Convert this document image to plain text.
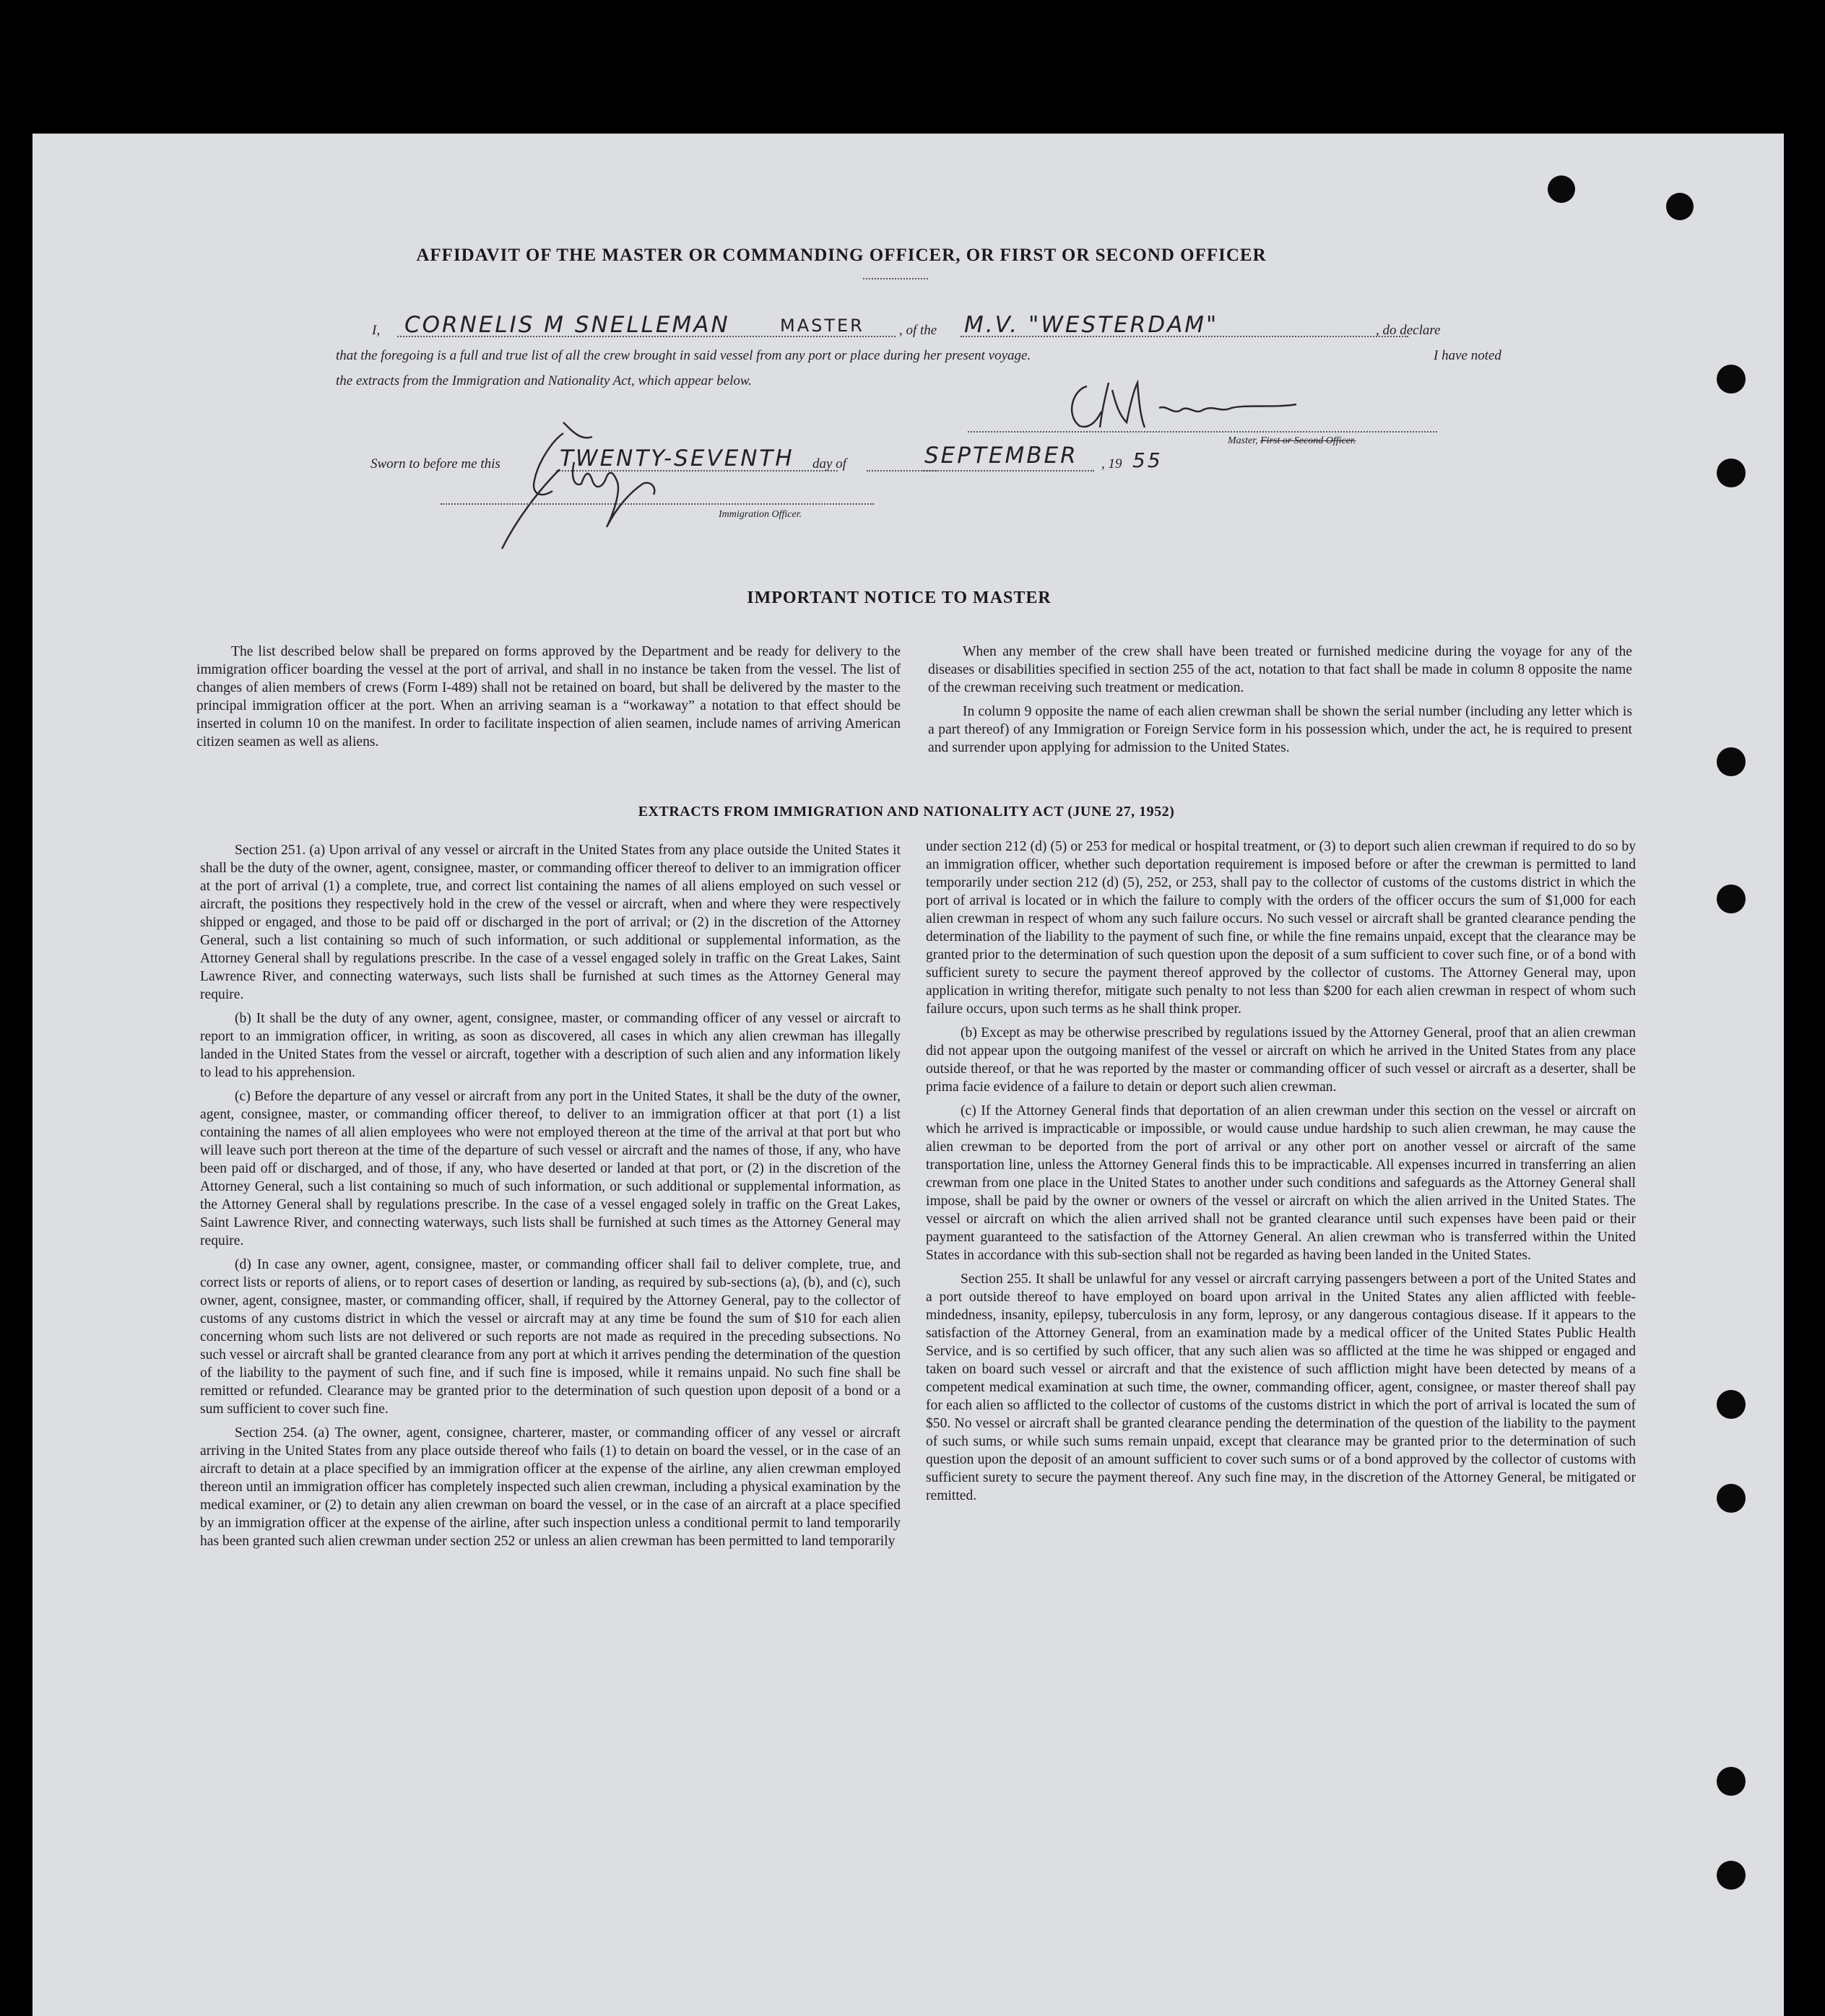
AFFIDAVIT OF THE MASTER OR COMMANDING OFFICER, OR FIRST OR SECOND OFFICER
I, CORNELIS M SNELLEMAN	MASTER	, of the M.V. "WESTERDAM"	, do declare
that the foregoing is a full and true list of all the crew brought in said vessel from any port or place during her present voyage.	I have noted
the extracts from the Immigration and Nationality Act, which appear below.
Master, First or Second Officer.
Sworn to before me this	TWENTY-SEVENTH day of	SEPTEMBER , 19 55
Immigration Officer.
IMPORTANT NOTICE TO MASTER

The list described below shall be prepared on forms approved by the Department and be ready for delivery to the immigration officer boarding the vessel at the port of arrival, and shall in no instance be taken from the vessel. The list of changes of alien members of crews (Form I-489) shall not be retained on board, but shall be delivered by the master to the principal immigration officer at the port. When an arriving seaman is a “workaway” a notation to that effect should be inserted in column 10 on the manifest. In order to facilitate inspection of alien seamen, include names of arriving American citizen seamen as well as aliens.

When any member of the crew shall have been treated or furnished medicine during the voyage for any of the diseases or disabilities specified in section 255 of the act, notation to that fact shall be made in column 8 opposite the name of the crewman receiving such treatment or medication.

In column 9 opposite the name of each alien crewman shall be shown the serial number (including any letter which is a part thereof) of any Immigration or Foreign Service form in his possession which, under the act, he is required to present and surrender upon applying for admission to the United States.

EXTRACTS FROM IMMIGRATION AND NATIONALITY ACT (JUNE 27, 1952)

Section 251. (a) Upon arrival of any vessel or aircraft in the United States from any place outside the United States it shall be the duty of the owner, agent, consignee, master, or commanding officer thereof to deliver to an immigration officer at the port of arrival (1) a complete, true, and correct list containing the names of all aliens employed on such vessel or aircraft, the positions they respectively hold in the crew of the vessel or aircraft, when and where they were respectively shipped or engaged, and those to be paid off or discharged in the port of arrival; or (2) in the discretion of the Attorney General, such a list containing so much of such information, or such additional or supplemental information, as the Attorney General shall by regulations prescribe. In the case of a vessel engaged solely in traffic on the Great Lakes, Saint Lawrence River, and connecting waterways, such lists shall be furnished at such times as the Attorney General may require.

(b) It shall be the duty of any owner, agent, consignee, master, or commanding officer of any vessel or aircraft to report to an immigration officer, in writing, as soon as discovered, all cases in which any alien crewman has illegally landed in the United States from the vessel or aircraft, together with a description of such alien and any information likely to lead to his apprehension.

(c) Before the departure of any vessel or aircraft from any port in the United States, it shall be the duty of the owner, agent, consignee, master, or commanding officer thereof, to deliver to an immigration officer at that port (1) a list containing the names of all alien employees who were not employed thereon at the time of the arrival at that port but who will leave such port thereon at the time of the departure of such vessel or aircraft and the names of those, if any, who have been paid off or discharged, and of those, if any, who have deserted or landed at that port, or (2) in the discretion of the Attorney General, such a list containing so much of such information, or such additional or supplemental information, as the Attorney General shall by regulations prescribe. In the case of a vessel engaged solely in traffic on the Great Lakes, Saint Lawrence River, and connecting waterways, such lists shall be furnished at such times as the Attorney General may require.

(d) In case any owner, agent, consignee, master, or commanding officer shall fail to deliver complete, true, and correct lists or reports of aliens, or to report cases of desertion or landing, as required by sub-sections (a), (b), and (c), such owner, agent, consignee, master, or commanding officer, shall, if required by the Attorney General, pay to the collector of customs of any customs district in which the vessel or aircraft may at any time be found the sum of $10 for each alien concerning whom such lists are not delivered or such reports are not made as required in the preceding subsections. No such vessel or aircraft shall be granted clearance from any port at which it arrives pending the determination of the question of the liability to the payment of such fine, and if such fine is imposed, while it remains unpaid. No such fine shall be remitted or refunded. Clearance may be granted prior to the determination of such question upon deposit of a bond or a sum sufficient to cover such fine.

Section 254. (a) The owner, agent, consignee, charterer, master, or commanding officer of any vessel or aircraft arriving in the United States from any place outside thereof who fails (1) to detain on board the vessel, or in the case of an aircraft to detain at a place specified by an immigration officer at the expense of the airline, any alien crewman employed thereon until an immigration officer has completely inspected such alien crewman, including a physical examination by the medical examiner, or (2) to detain any alien crewman on board the vessel, or in the case of an aircraft at a place specified by an immigration officer at the expense of the airline, after such inspection unless a conditional permit to land temporarily has been granted such alien crewman under section 252 or unless an alien crewman has been permitted to land temporarily

under section 212 (d) (5) or 253 for medical or hospital treatment, or (3) to deport such alien crewman if required to do so by an immigration officer, whether such deportation requirement is imposed before or after the crewman is permitted to land temporarily under section 212 (d) (5), 252, or 253, shall pay to the collector of customs of the customs district in which the port of arrival is located or in which the failure to comply with the orders of the officer occurs the sum of $1,000 for each alien crewman in respect of whom any such failure occurs. No such vessel or aircraft shall be granted clearance pending the determination of the liability to the payment of such fine, or while the fine remains unpaid, except that the clearance may be granted prior to the determination of such question upon the deposit of a sum sufficient to cover such fine, or of a bond with sufficient surety to secure the payment thereof approved by the collector of customs. The Attorney General may, upon application in writing therefor, mitigate such penalty to not less than $200 for each alien crewman in respect of whom such failure occurs, upon such terms as he shall think proper.

(b) Except as may be otherwise prescribed by regulations issued by the Attorney General, proof that an alien crewman did not appear upon the outgoing manifest of the vessel or aircraft on which he arrived in the United States from any place outside thereof, or that he was reported by the master or commanding officer of such vessel or aircraft as a deserter, shall be prima facie evidence of a failure to detain or deport such alien crewman.

(c) If the Attorney General finds that deportation of an alien crewman under this section on the vessel or aircraft on which he arrived is impracticable or impossible, or would cause undue hardship to such alien crewman, he may cause the alien crewman to be deported from the port of arrival or any other port on another vessel or aircraft of the same transportation line, unless the Attorney General finds this to be impracticable. All expenses incurred in transferring an alien crewman from one place in the United States to another under such conditions and safeguards as the Attorney General shall impose, shall be paid by the owner or owners of the vessel or aircraft on which the alien arrived in the United States. The vessel or aircraft on which the alien arrived shall not be granted clearance until such expenses have been paid or their payment guaranteed to the satisfaction of the Attorney General. An alien crewman who is transferred within the United States in accordance with this sub-section shall not be regarded as having been landed in the United States.

Section 255. It shall be unlawful for any vessel or aircraft carrying passengers between a port of the United States and a port outside thereof to have employed on board upon arrival in the United States any alien afflicted with feeble-mindedness, insanity, epilepsy, tuberculosis in any form, leprosy, or any dangerous contagious disease. If it appears to the satisfaction of the Attorney General, from an examination made by a medical officer of the United States Public Health Service, and is so certified by such officer, that any such alien was so afflicted at the time he was shipped or engaged and taken on board such vessel or aircraft and that the existence of such affliction might have been detected by means of a competent medical examination at such time, the owner, commanding officer, agent, consignee, or master thereof shall pay for each alien so afflicted to the collector of customs of the customs district in which the port of arrival is located the sum of $50. No vessel or aircraft shall be granted clearance pending the determination of the question of the liability to the payment of such sums, or while such sums remain unpaid, except that clearance may be granted prior to the determination of such question upon the deposit of an amount sufficient to cover such sums or of a bond approved by the collector of customs with sufficient surety to secure the payment thereof. Any such fine may, in the discretion of the Attorney General, be mitigated or remitted.
